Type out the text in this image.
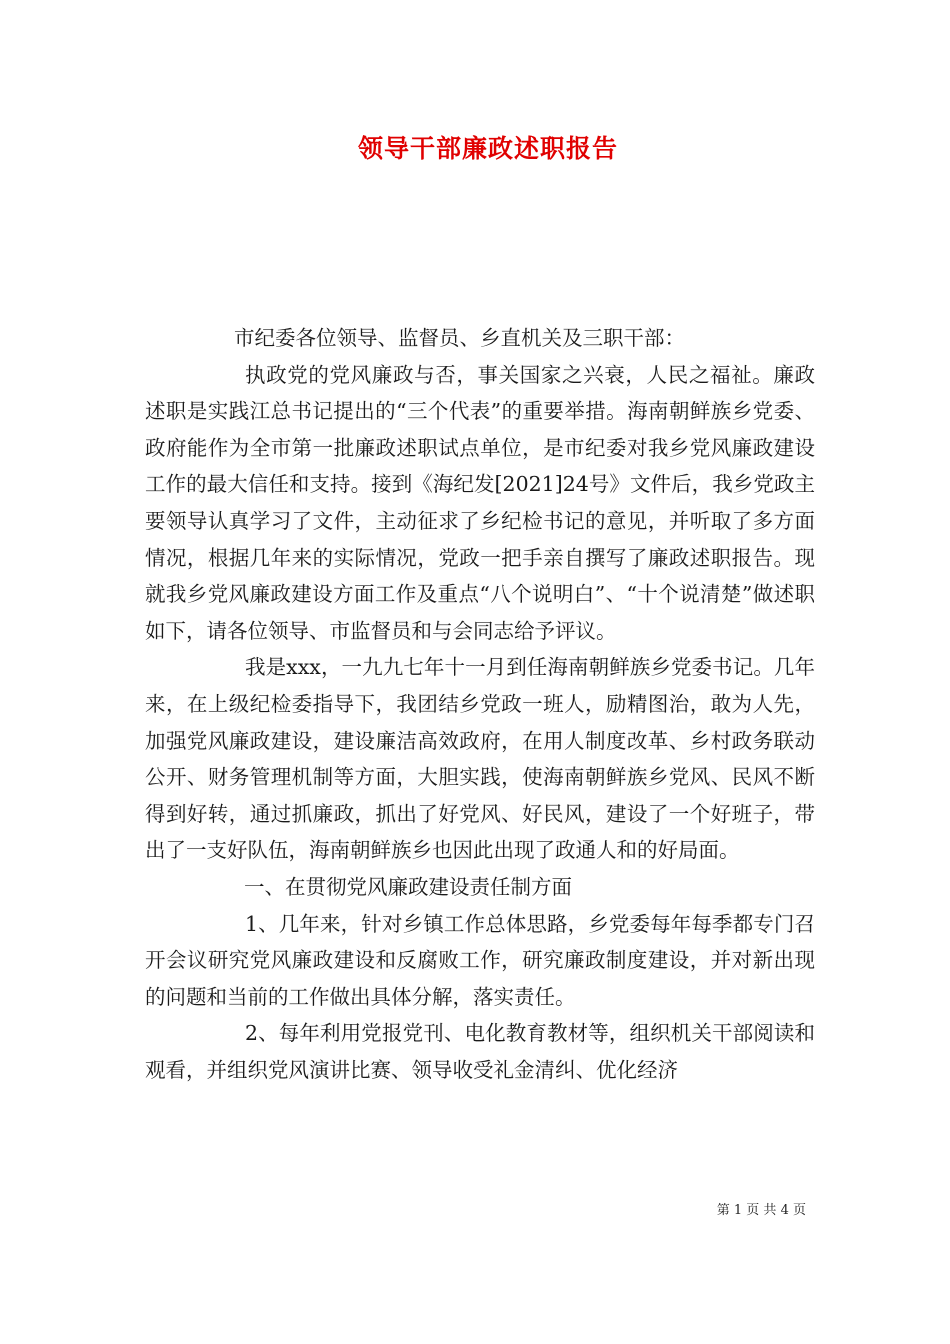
领导干部廉政述职报告

市纪委各位领导、监督员、乡直机关及三职干部：

执政党的党风廉政与否，事关国家之兴衰，人民之福祉。廉政述职是实践江总书记提出的“三个代表”的重要举措。海南朝鲜族乡党委、政府能作为全市第一批廉政述职试点单位，是市纪委对我乡党风廉政建设工作的最大信任和支持。接到《海纪发[2021]24号》文件后，我乡党政主要领导认真学习了文件，主动征求了乡纪检书记的意见，并听取了多方面情况，根据几年来的实际情况，党政一把手亲自撰写了廉政述职报告。现就我乡党风廉政建设方面工作及重点“八个说明白”、“十个说清楚”做述职如下，请各位领导、市监督员和与会同志给予评议。

我是xxx，一九九七年十一月到任海南朝鲜族乡党委书记。几年来，在上级纪检委指导下，我团结乡党政一班人，励精图治，敢为人先，加强党风廉政建设，建设廉洁高效政府，在用人制度改革、乡村政务联动公开、财务管理机制等方面，大胆实践，使海南朝鲜族乡党风、民风不断得到好转，通过抓廉政，抓出了好党风、好民风，建设了一个好班子，带出了一支好队伍，海南朝鲜族乡也因此出现了政通人和的好局面。

一、在贯彻党风廉政建设责任制方面

1、几年来，针对乡镇工作总体思路，乡党委每年每季都专门召开会议研究党风廉政建设和反腐败工作，研究廉政制度建设，并对新出现的问题和当前的工作做出具体分解，落实责任。

2、每年利用党报党刊、电化教育教材等，组织机关干部阅读和观看，并组织党风演讲比赛、领导收受礼金清纠、优化经济

第 1 页 共 4 页
